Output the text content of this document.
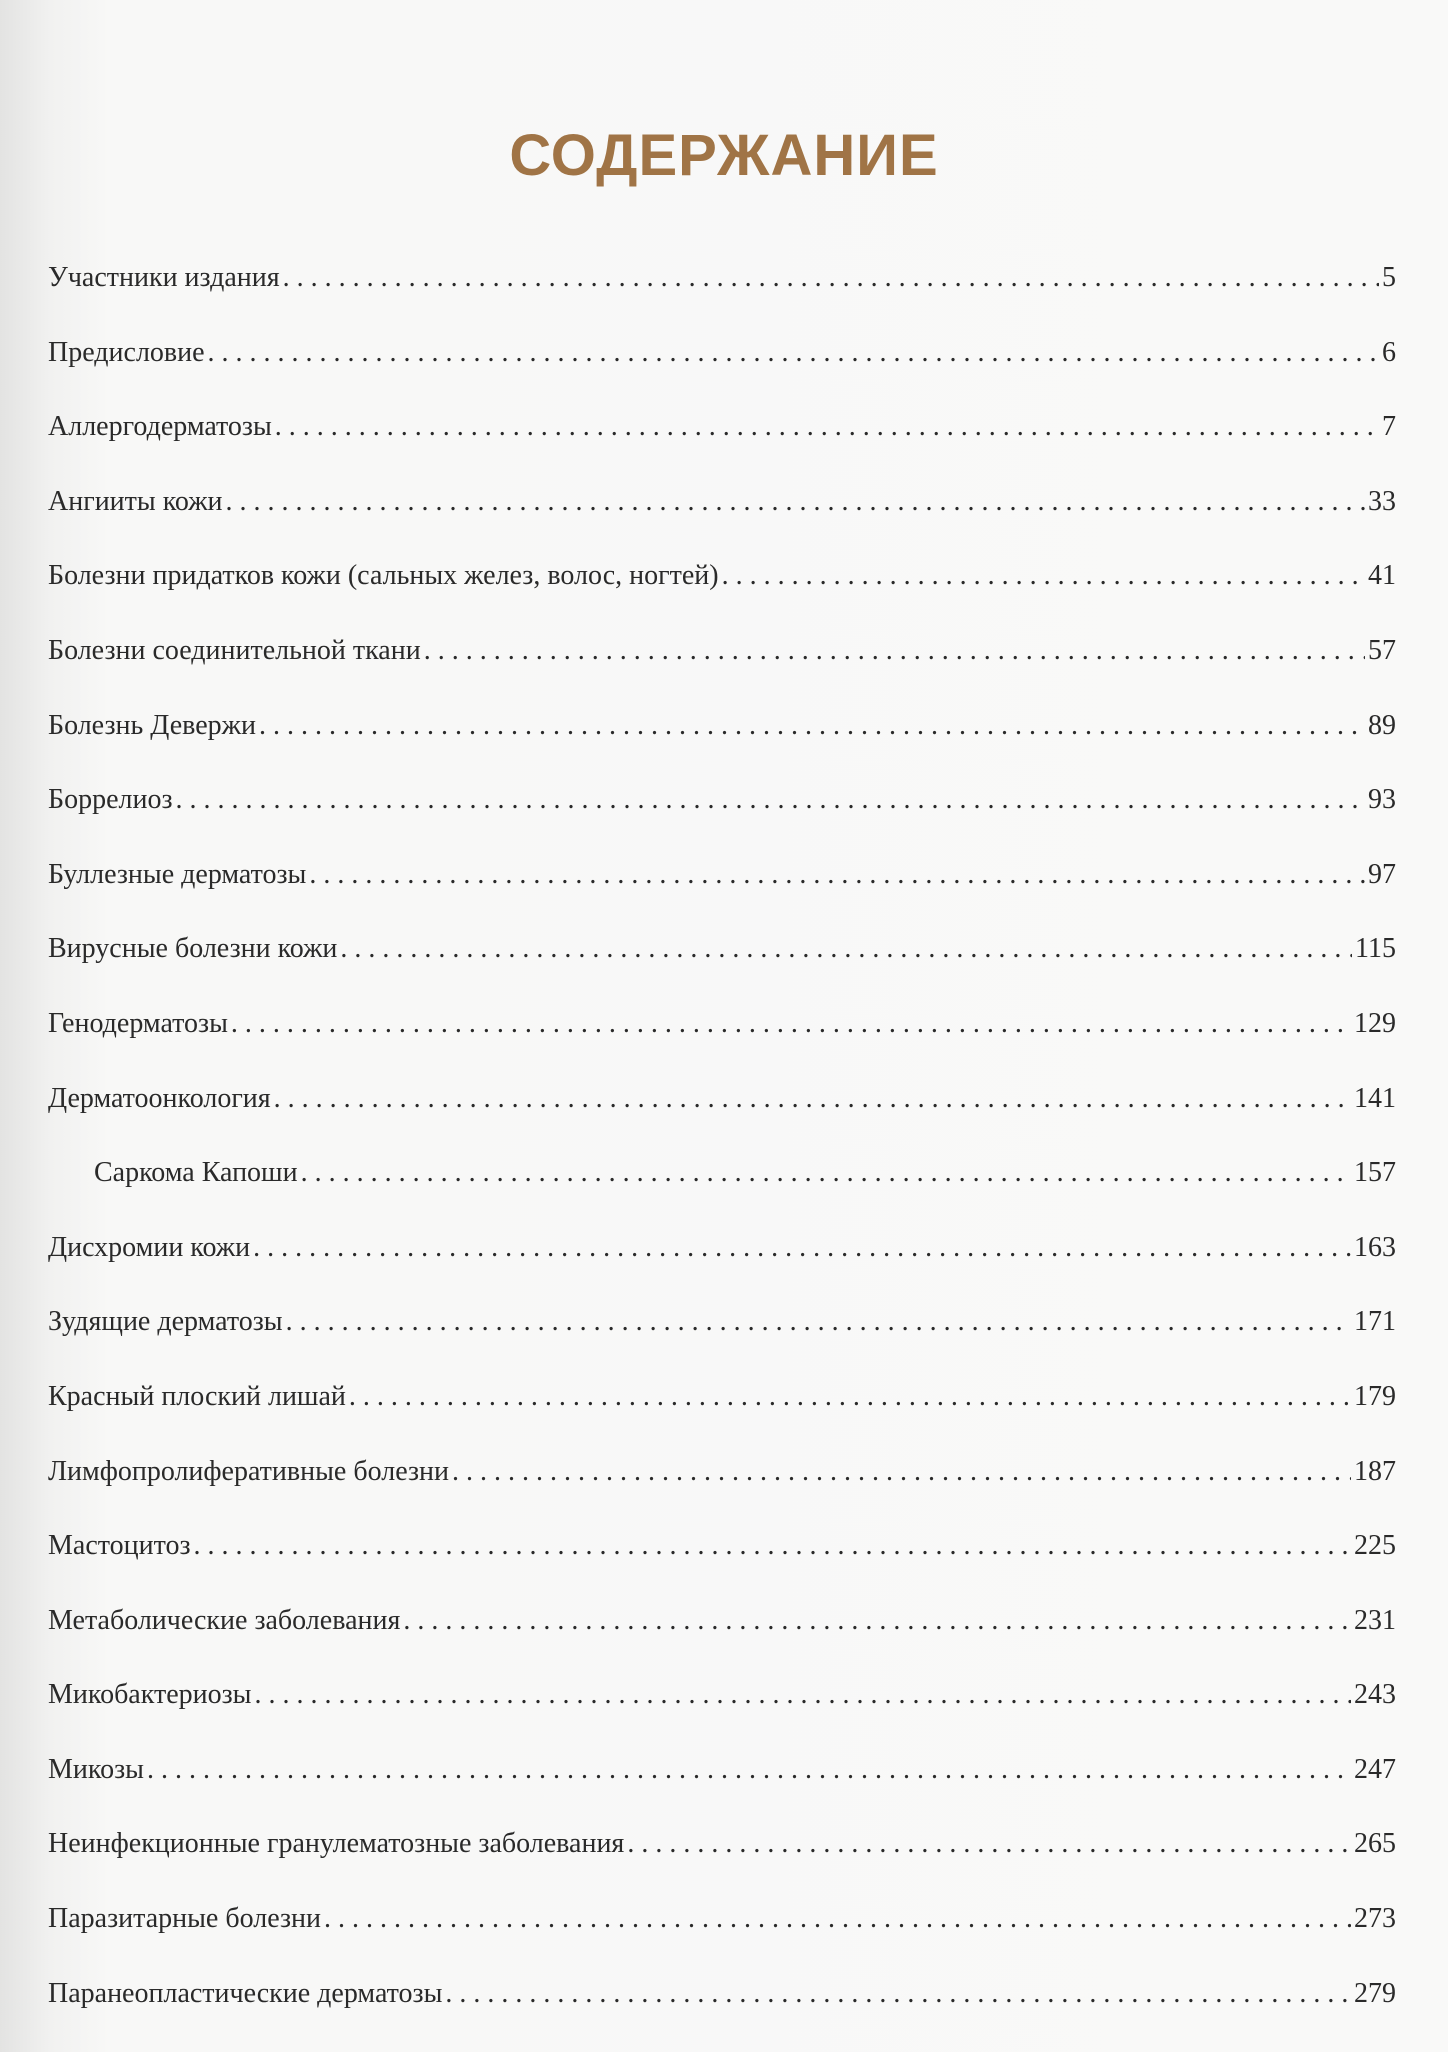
СОДЕРЖАНИЕ
Участники издания . . .	5
Предисловие . . .	6
Аллергодерматозы . . .	7
Ангииты кожи . . .	33
Болезни придатков кожи (сальных желез, волос, ногтей) . . .	41
Болезни соединительной ткани . . .	57
Болезнь Девержи . . .	89
Боррелиоз . . .	93
Буллезные дерматозы . . .	97
Вирусные болезни кожи . . .	115
Генодерматозы . . .	129
Дерматоонкология . . .	141
Саркома Капоши . . .	157
Дисхромии кожи . . .	163
Зудящие дерматозы . . .	171
Красный плоский лишай . . .	179
Лимфопролиферативные болезни . . .	187
Мастоцитоз . . .	225
Метаболические заболевания . . .	231
Микобактериозы . . .	243
Микозы . . .	247
Неинфекционные гранулематозные заболевания . . .	265
Паразитарные болезни . . .	273
Паранеопластические дерматозы . . .	279
